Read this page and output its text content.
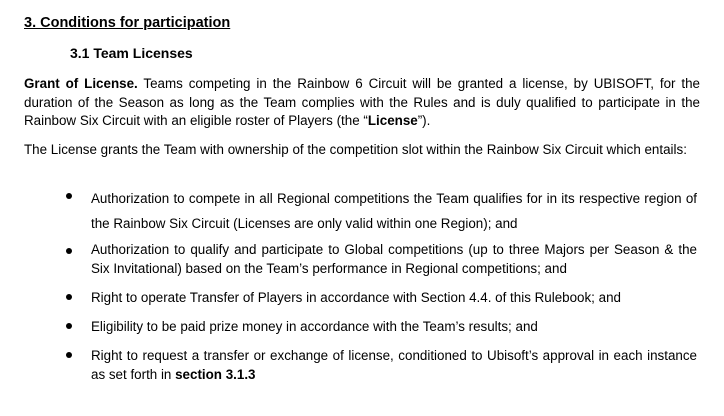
3. Conditions for participation
3.1 Team Licenses

Grant of License. Teams competing in the Rainbow 6 Circuit will be granted a license, by UBISOFT, for the duration of the Season as long as the Team complies with the Rules and is duly qualified to participate in the Rainbow Six Circuit with an eligible roster of Players (the “License”).

The License grants the Team with ownership of the competition slot within the Rainbow Six Circuit which entails:

Authorization to compete in all Regional competitions the Team qualifies for in its respective region of the Rainbow Six Circuit (Licenses are only valid within one Region); and
Authorization to qualify and participate to Global competitions (up to three Majors per Season & the Six Invitational) based on the Team’s performance in Regional competitions; and
Right to operate Transfer of Players in accordance with Section 4.4. of this Rulebook; and
Eligibility to be paid prize money in accordance with the Team’s results; and
Right to request a transfer or exchange of license, conditioned to Ubisoft’s approval in each instance as set forth in section 3.1.3
